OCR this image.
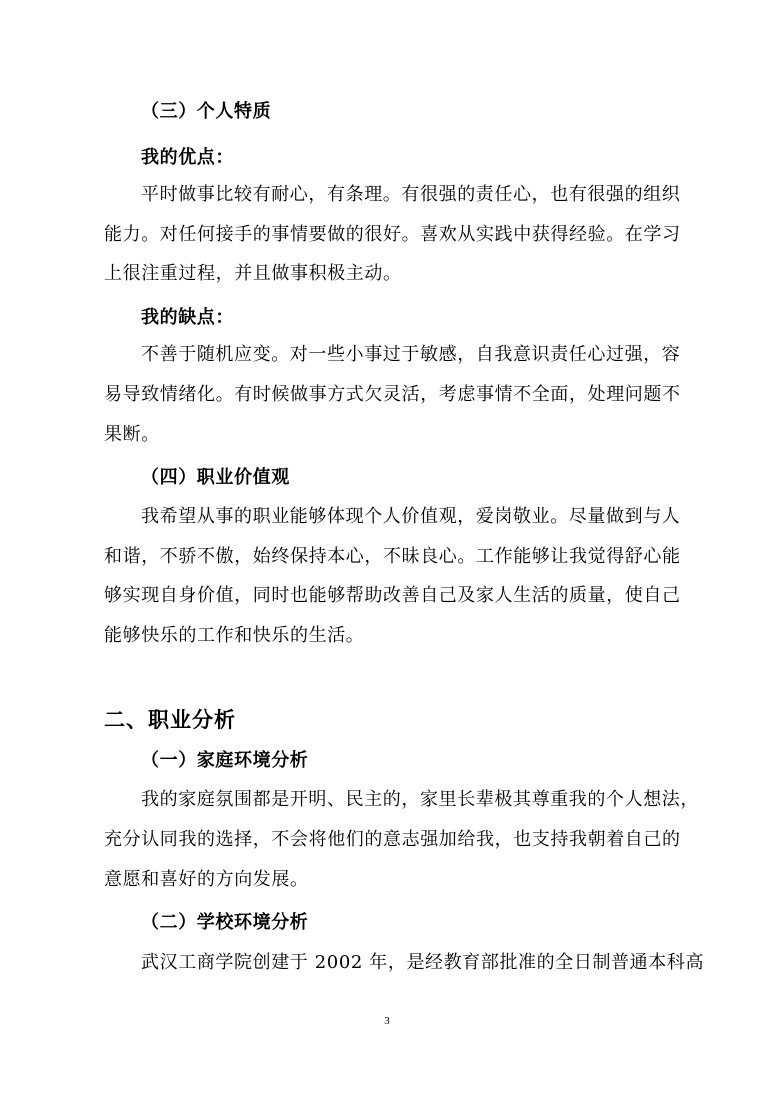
（三）个人特质
我的优点：
平时做事比较有耐心，有条理。有很强的责任心，也有很强的组织
能力。对任何接手的事情要做的很好。喜欢从实践中获得经验。在学习
上很注重过程，并且做事积极主动。
我的缺点：
不善于随机应变。对一些小事过于敏感，自我意识责任心过强，容
易导致情绪化。有时候做事方式欠灵活，考虑事情不全面，处理问题不
果断。
（四）职业价值观
我希望从事的职业能够体现个人价值观，爱岗敬业。尽量做到与人
和谐，不骄不傲，始终保持本心，不昧良心。工作能够让我觉得舒心能
够实现自身价值，同时也能够帮助改善自己及家人生活的质量，使自己
能够快乐的工作和快乐的生活。
二、职业分析
（一）家庭环境分析
我的家庭氛围都是开明、民主的，家里长辈极其尊重我的个人想法，
充分认同我的选择，不会将他们的意志强加给我，也支持我朝着自己的
意愿和喜好的方向发展。
（二）学校环境分析
武汉工商学院创建于 2002 年，是经教育部批准的全日制普通本科高
3
